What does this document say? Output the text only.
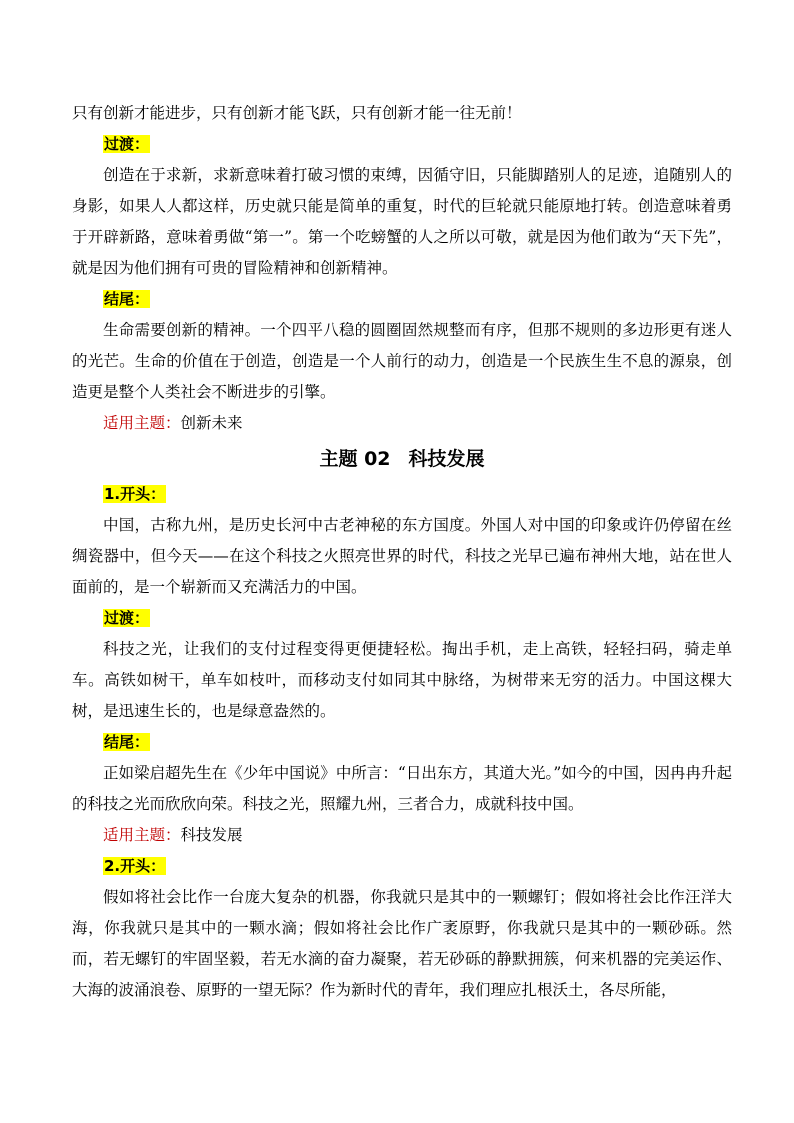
只有创新才能进步，只有创新才能飞跃，只有创新才能一往无前！

过渡：

创造在于求新，求新意味着打破习惯的束缚，因循守旧，只能脚踏别人的足迹，追随别人的身影，如果人人都这样，历史就只能是简单的重复，时代的巨轮就只能原地打转。创造意味着勇于开辟新路，意味着勇做“第一”。第一个吃螃蟹的人之所以可敬，就是因为他们敢为“天下先”，就是因为他们拥有可贵的冒险精神和创新精神。

结尾：

生命需要创新的精神。一个四平八稳的圆圈固然规整而有序，但那不规则的多边形更有迷人的光芒。生命的价值在于创造，创造是一个人前行的动力，创造是一个民族生生不息的源泉，创造更是整个人类社会不断进步的引擎。

适用主题：创新未来
主题 02 科技发展
1.开头：

中国，古称九州，是历史长河中古老神秘的东方国度。外国人对中国的印象或许仍停留在丝绸瓷器中，但今天——在这个科技之火照亮世界的时代，科技之光早已遍布神州大地，站在世人面前的，是一个崭新而又充满活力的中国。

过渡：

科技之光，让我们的支付过程变得更便捷轻松。掏出手机，走上高铁，轻轻扫码，骑走单车。高铁如树干，单车如枝叶，而移动支付如同其中脉络，为树带来无穷的活力。中国这棵大树，是迅速生长的，也是绿意盎然的。

结尾：

正如梁启超先生在《少年中国说》中所言：“日出东方，其道大光。”如今的中国，因冉冉升起的科技之光而欣欣向荣。科技之光，照耀九州，三者合力，成就科技中国。

适用主题：科技发展
2.开头：

假如将社会比作一台庞大复杂的机器，你我就只是其中的一颗螺钉；假如将社会比作汪洋大海，你我就只是其中的一颗水滴；假如将社会比作广袤原野，你我就只是其中的一颗砂砾。然而，若无螺钉的牢固坚毅，若无水滴的奋力凝聚，若无砂砾的静默拥簇，何来机器的完美运作、大海的波涌浪卷、原野的一望无际？作为新时代的青年，我们理应扎根沃土，各尽所能，
